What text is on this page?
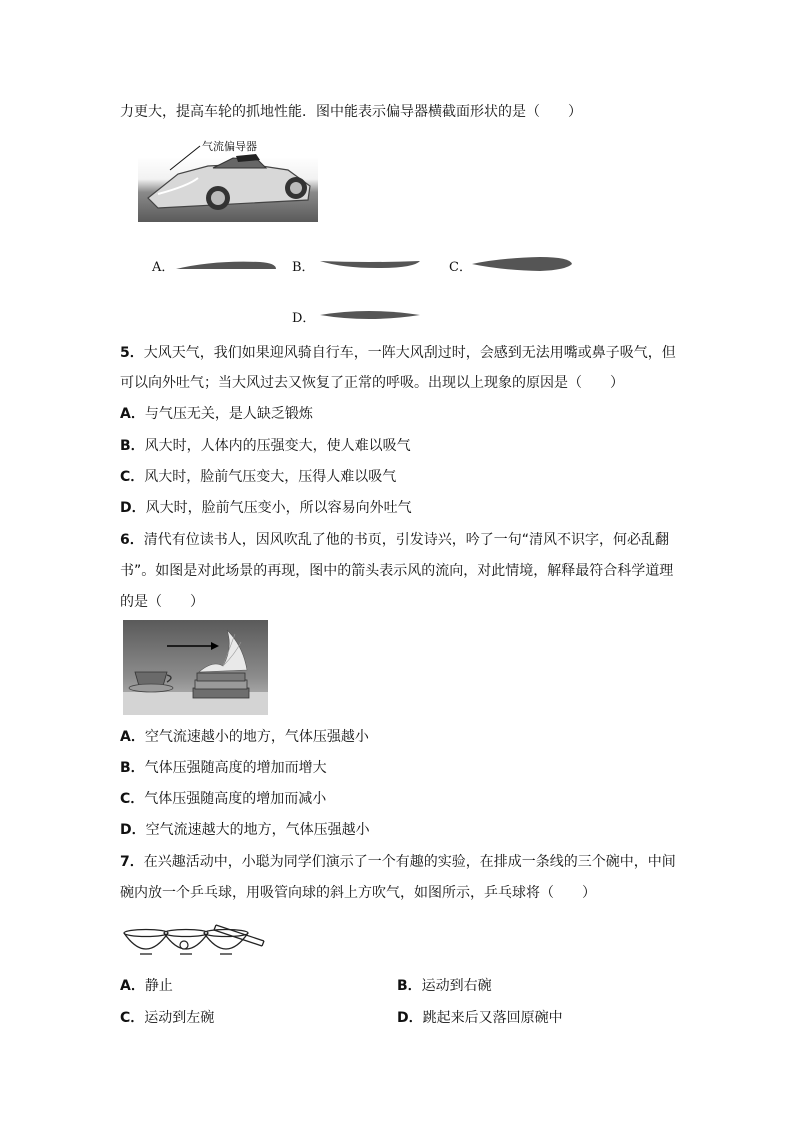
力更大，提高车轮的抓地性能．图中能表示偏导器横截面形状的是（　　）
气流偏导器
A．	B．	C．
D．
5．大风天气，我们如果迎风骑自行车，一阵大风刮过时，会感到无法用嘴或鼻子吸气，但
可以向外吐气；当大风过去又恢复了正常的呼吸。出现以上现象的原因是（　　）
A．与气压无关，是人缺乏锻炼
B．风大时，人体内的压强变大，使人难以吸气
C．风大时，脸前气压变大，压得人难以吸气
D．风大时，脸前气压变小，所以容易向外吐气
6．清代有位读书人，因风吹乱了他的书页，引发诗兴，吟了一句“清风不识字，何必乱翻
书”。如图是对此场景的再现，图中的箭头表示风的流向，对此情境，解释最符合科学道理
的是（　　）
A．空气流速越小的地方，气体压强越小
B．气体压强随高度的增加而增大
C．气体压强随高度的增加而减小
D．空气流速越大的地方，气体压强越小
7．在兴趣活动中，小聪为同学们演示了一个有趣的实验，在排成一条线的三个碗中，中间
碗内放一个乒乓球，用吸管向球的斜上方吹气，如图所示，乒乓球将（　　）
A．静止	B．运动到右碗
C．运动到左碗	D．跳起来后又落回原碗中
